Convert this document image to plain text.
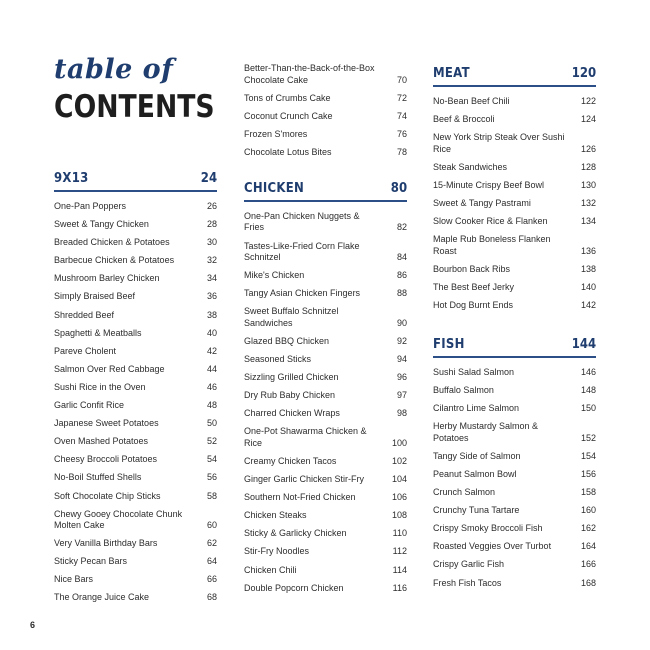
table of
CONTENTS
9X13	24
One-Pan Poppers	26
Sweet & Tangy Chicken	28
Breaded Chicken & Potatoes	30
Barbecue Chicken & Potatoes	32
Mushroom Barley Chicken	34
Simply Braised Beef	36
Shredded Beef	38
Spaghetti & Meatballs	40
Pareve Cholent	42
Salmon Over Red Cabbage	44
Sushi Rice in the Oven	46
Garlic Confit Rice	48
Japanese Sweet Potatoes	50
Oven Mashed Potatoes	52
Cheesy Broccoli Potatoes	54
No-Boil Stuffed Shells	56
Soft Chocolate Chip Sticks	58
Chewy Gooey Chocolate Chunk Molten Cake	60
Very Vanilla Birthday Bars	62
Sticky Pecan Bars	64
Nice Bars	66
The Orange Juice Cake	68
Better-Than-the-Back-of-the-Box Chocolate Cake	70
Tons of Crumbs Cake	72
Coconut Crunch Cake	74
Frozen S'mores	76
Chocolate Lotus Bites	78
CHICKEN	80
One-Pan Chicken Nuggets & Fries	82
Tastes-Like-Fried Corn Flake Schnitzel	84
Mike's Chicken	86
Tangy Asian Chicken Fingers	88
Sweet Buffalo Schnitzel Sandwiches	90
Glazed BBQ Chicken	92
Seasoned Sticks	94
Sizzling Grilled Chicken	96
Dry Rub Baby Chicken	97
Charred Chicken Wraps	98
One-Pot Shawarma Chicken & Rice	100
Creamy Chicken Tacos	102
Ginger Garlic Chicken Stir-Fry	104
Southern Not-Fried Chicken	106
Chicken Steaks	108
Sticky & Garlicky Chicken	110
Stir-Fry Noodles	112
Chicken Chili	114
Double Popcorn Chicken	116
MEAT	120
No-Bean Beef Chili	122
Beef & Broccoli	124
New York Strip Steak Over Sushi Rice	126
Steak Sandwiches	128
15-Minute Crispy Beef Bowl	130
Sweet & Tangy Pastrami	132
Slow Cooker Rice & Flanken	134
Maple Rub Boneless Flanken Roast	136
Bourbon Back Ribs	138
The Best Beef Jerky	140
Hot Dog Burnt Ends	142
FISH	144
Sushi Salad Salmon	146
Buffalo Salmon	148
Cilantro Lime Salmon	150
Herby Mustardy Salmon & Potatoes	152
Tangy Side of Salmon	154
Peanut Salmon Bowl	156
Crunch Salmon	158
Crunchy Tuna Tartare	160
Crispy Smoky Broccoli Fish	162
Roasted Veggies Over Turbot	164
Crispy Garlic Fish	166
Fresh Fish Tacos	168
6
